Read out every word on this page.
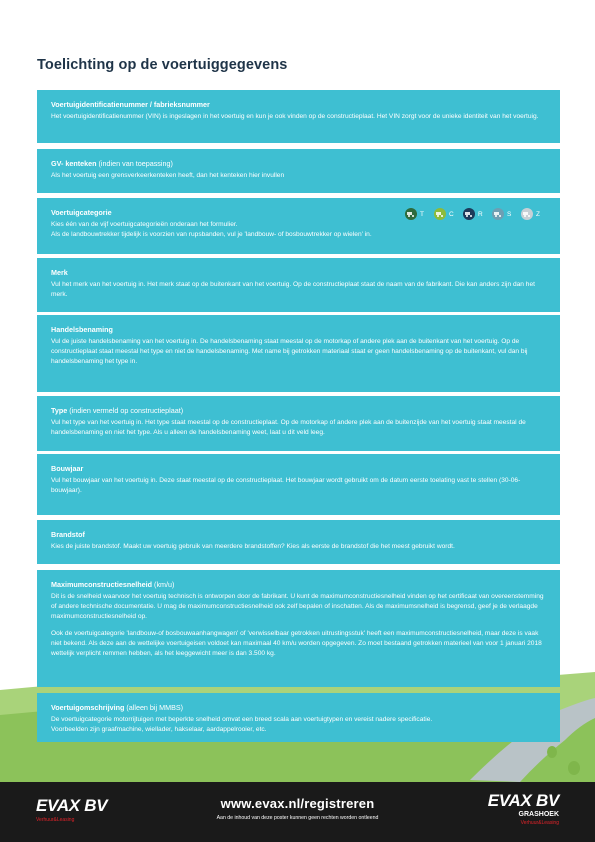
Toelichting op de voertuiggegevens
Voertuigidentificatienummer / fabrieksnummer

Het voertuigidentificatienummer (VIN) is ingeslagen in het voertuig en kun je ook vinden op de constructieplaat. Het VIN zorgt voor de unieke identiteit van het voertuig.

GV- kenteken (indien van toepassing)

Als het voertuig een grensverkeerkenteken heeft, dan het kenteken hier invullen

Voertuigcategorie

Kies één van de vijf voertuigcategorieën onderaan het formulier.
Als de landbouwtrekker tijdelijk is voorzien van rupsbanden, vul je 'landbouw- of bosbouwtrekker op wielen' in.

T	C	R	S	Z
Merk

Vul het merk van het voertuig in. Het merk staat op de buitenkant van het voertuig. Op de constructieplaat staat de naam van de fabrikant. Die kan anders zijn dan het merk.

Handelsbenaming

Vul de juiste handelsbenaming van het voertuig in. De handelsbenaming staat meestal op de motorkap of andere plek aan de buitenkant van het voertuig. Op de constructieplaat staat meestal het type en niet de handelsbenaming. Met name bij getrokken materiaal staat er geen handelsbenaming op de buitenkant, vul dan bij handelsbenaming het type in.

Type (indien vermeld op constructieplaat)

Vul het type van het voertuig in. Het type staat meestal op de constructieplaat. Op de motorkap of andere plek aan de buitenzijde van het voertuig staat meestal de handelsbenaming en niet het type. Als u alleen de handelsbenaming weet, laat u dit veld leeg.

Bouwjaar

Vul het bouwjaar van het voertuig in. Deze staat meestal op de constructieplaat. Het bouwjaar wordt gebruikt om de datum eerste toelating vast te stellen (30-06-bouwjaar).

Brandstof

Kies de juiste brandstof. Maakt uw voertuig gebruik van meerdere brandstoffen? Kies als eerste de brandstof die het meest gebruikt wordt.

Maximumconstructiesnelheid (km/u)

Dit is de snelheid waarvoor het voertuig technisch is ontworpen door de fabrikant. U kunt de maximumconstructiesnelheid vinden op het certificaat van overeenstemming of andere technische documentatie. U mag de maximumconstructiesnelheid ook zelf bepalen of inschatten. Als de maximumsnelheid is begrensd, geef je de verlaagde maximumconstructiesnelheid op.

Ook de voertuigcategorie 'landbouw-of bosbouwaanhangwagen' of 'verwisselbaar getrokken uitrustingsstuk' heeft een maximumconstructiesnelheid, maar deze is vaak niet bekend. Als deze aan de wettelijke voertuigeisen voldoet kan maximaal 40 km/u worden opgegeven. Zo moet bestaand getrokken materieel van voor 1 januari 2018 wettelijk verplicht remmen hebben, als het leeggewicht meer is dan 3.500 kg.

Voertuigomschrijving (alleen bij MMBS)

De voertuigcategorie motorrijtuigen met beperkte snelheid omvat een breed scala aan voertuigtypen en vereist nadere specificatie.
Voorbeelden zijn graafmachine, wiellader, hakselaar, aardappelrooier, etc.

EVAX BV
Verhuur&Leasing
www.evax.nl/registreren
Aan de inhoud van deze poster kunnen geen rechten worden ontleend
EVAX BV
GRASHOEK
Verhuur&Leasing
